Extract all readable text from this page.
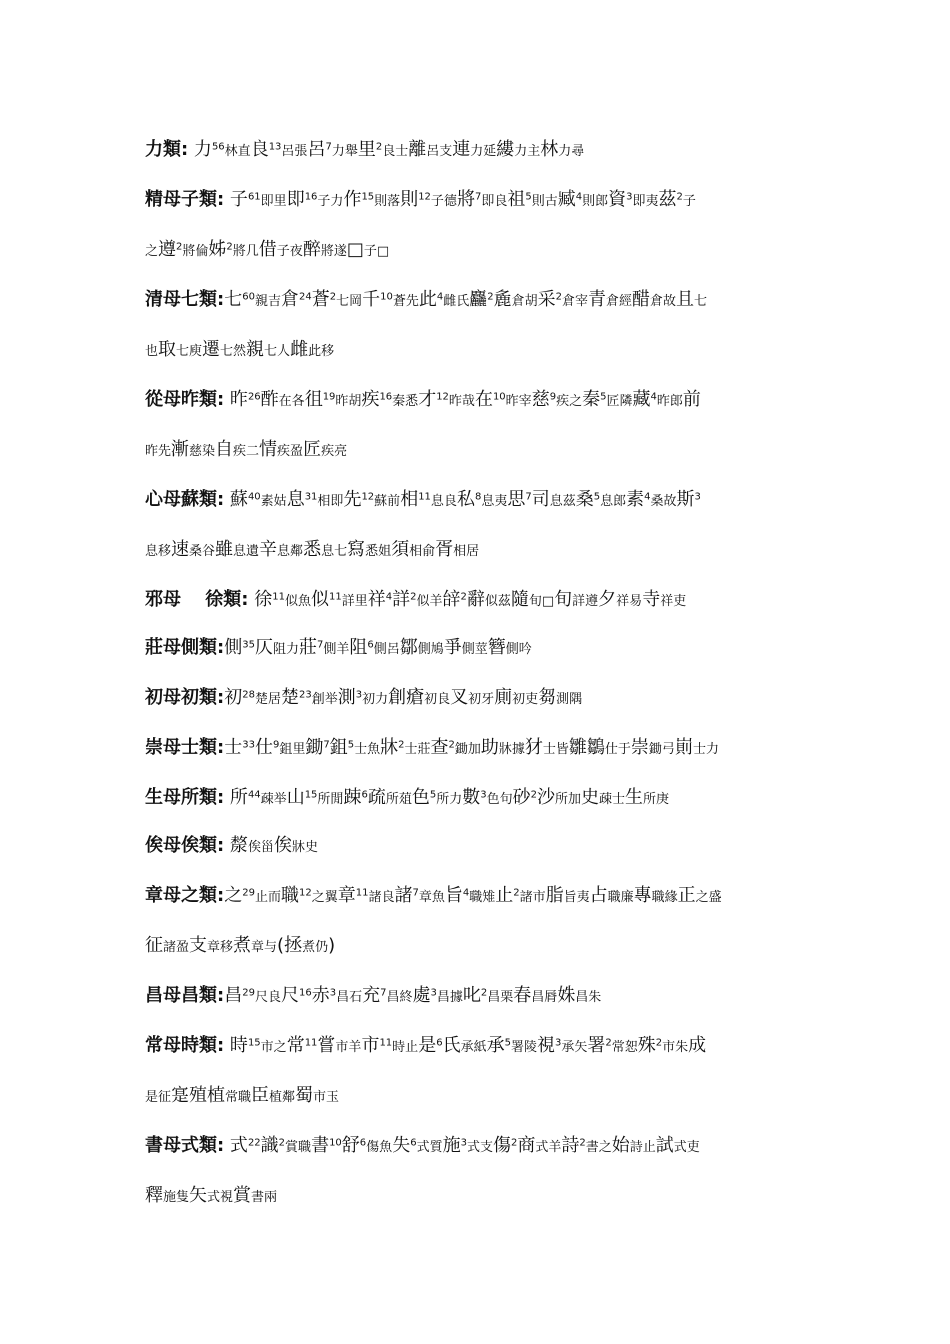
力類: 力$^{56}$林直良$^{13}$呂張呂$^7$力舉里$^2$良士離呂支連力延縷力主林力尋
精母子類: 子$^{61}$即里即$^{16}$子力作$^{15}$則落則$^{12}$子德將$^7$即良祖$^5$則古臧$^4$則郎資$^3$即夷茲$^2$子
之遵$^2$將倫姊$^2$將几借子夜醉將遂□子□
清母七類:七$^{60}$親吉倉$^{24}$蒼$^2$七岡千$^{10}$蒼先此$^4$雌氏麤$^2$麁倉胡采$^2$倉宰青倉經醋倉故且七
也取七庾遷七然親七人雌此移
從母昨類: 昨$^{26}$酢在各徂$^{19}$昨胡疾$^{16}$秦悉才$^{12}$昨哉在$^{10}$昨宰慈$^9$疾之秦$^5$匠隣藏$^4$昨郎前
昨先漸慈染自疾二情疾盈匠疾亮
心母蘇類: 蘇$^{40}$素姑息$^{31}$相即先$^{12}$蘇前相$^{11}$息良私$^8$息夷思$^7$司息茲桑$^5$息郎素$^4$桑故斯$^3$
息移速桑谷雖息遺辛息鄰悉息七寫悉姐須相俞胥相居
邪母　 徐類: 徐$^{11}$似魚似$^{11}$詳里祥$^4$詳$^2$似羊辝$^2$辭似茲隨旬□旬詳遵夕祥易寺祥吏
莊母側類:側$^{35}$仄阻力莊$^7$側羊阻$^6$側呂鄒側鳩爭側莖簪側吟
初母初類:初$^{28}$楚居楚$^{23}$創举測$^3$初力創瘡初良叉初牙廁初吏芻測隅
崇母士類:士$^{33}$仕$^9$鉏里鋤$^7$鉏$^5$士魚牀$^2$士莊查$^2$鋤加助牀據犲士皆雛鶵仕于崇鋤弓崱士力
生母所類: 所$^{44}$疎举山$^{15}$所閒踈$^6$疏所葅色$^5$所力數$^3$色句砂$^2$沙所加史疎士生所庚
俟母俟類: 漦俟甾俟牀史
章母之類:之$^{29}$止而職$^{12}$之翼章$^{11}$諸良諸$^7$章魚旨$^4$職雉止$^2$諸市脂旨夷占職廉專職緣正之盛
征諸盈支章移煮章与(拯煮仍)
昌母昌類:昌$^{29}$尺良尺$^{16}$赤$^3$昌石充$^7$昌終處$^3$昌據叱$^2$昌栗春昌脣姝昌朱
常母時類: 時$^{15}$市之常$^{11}$嘗市羊市$^{11}$時止是$^6$氏承紙承$^5$署陵視$^3$承矢署$^2$常恕殊$^2$市朱成
是征寔殖植常職臣植鄰蜀市玉
書母式類: 式$^{22}$識$^2$賞職書$^{10}$舒$^6$傷魚失$^6$式質施$^3$式支傷$^2$商式羊詩$^2$書之始詩止試式吏
釋施隻矢式視賞書兩
